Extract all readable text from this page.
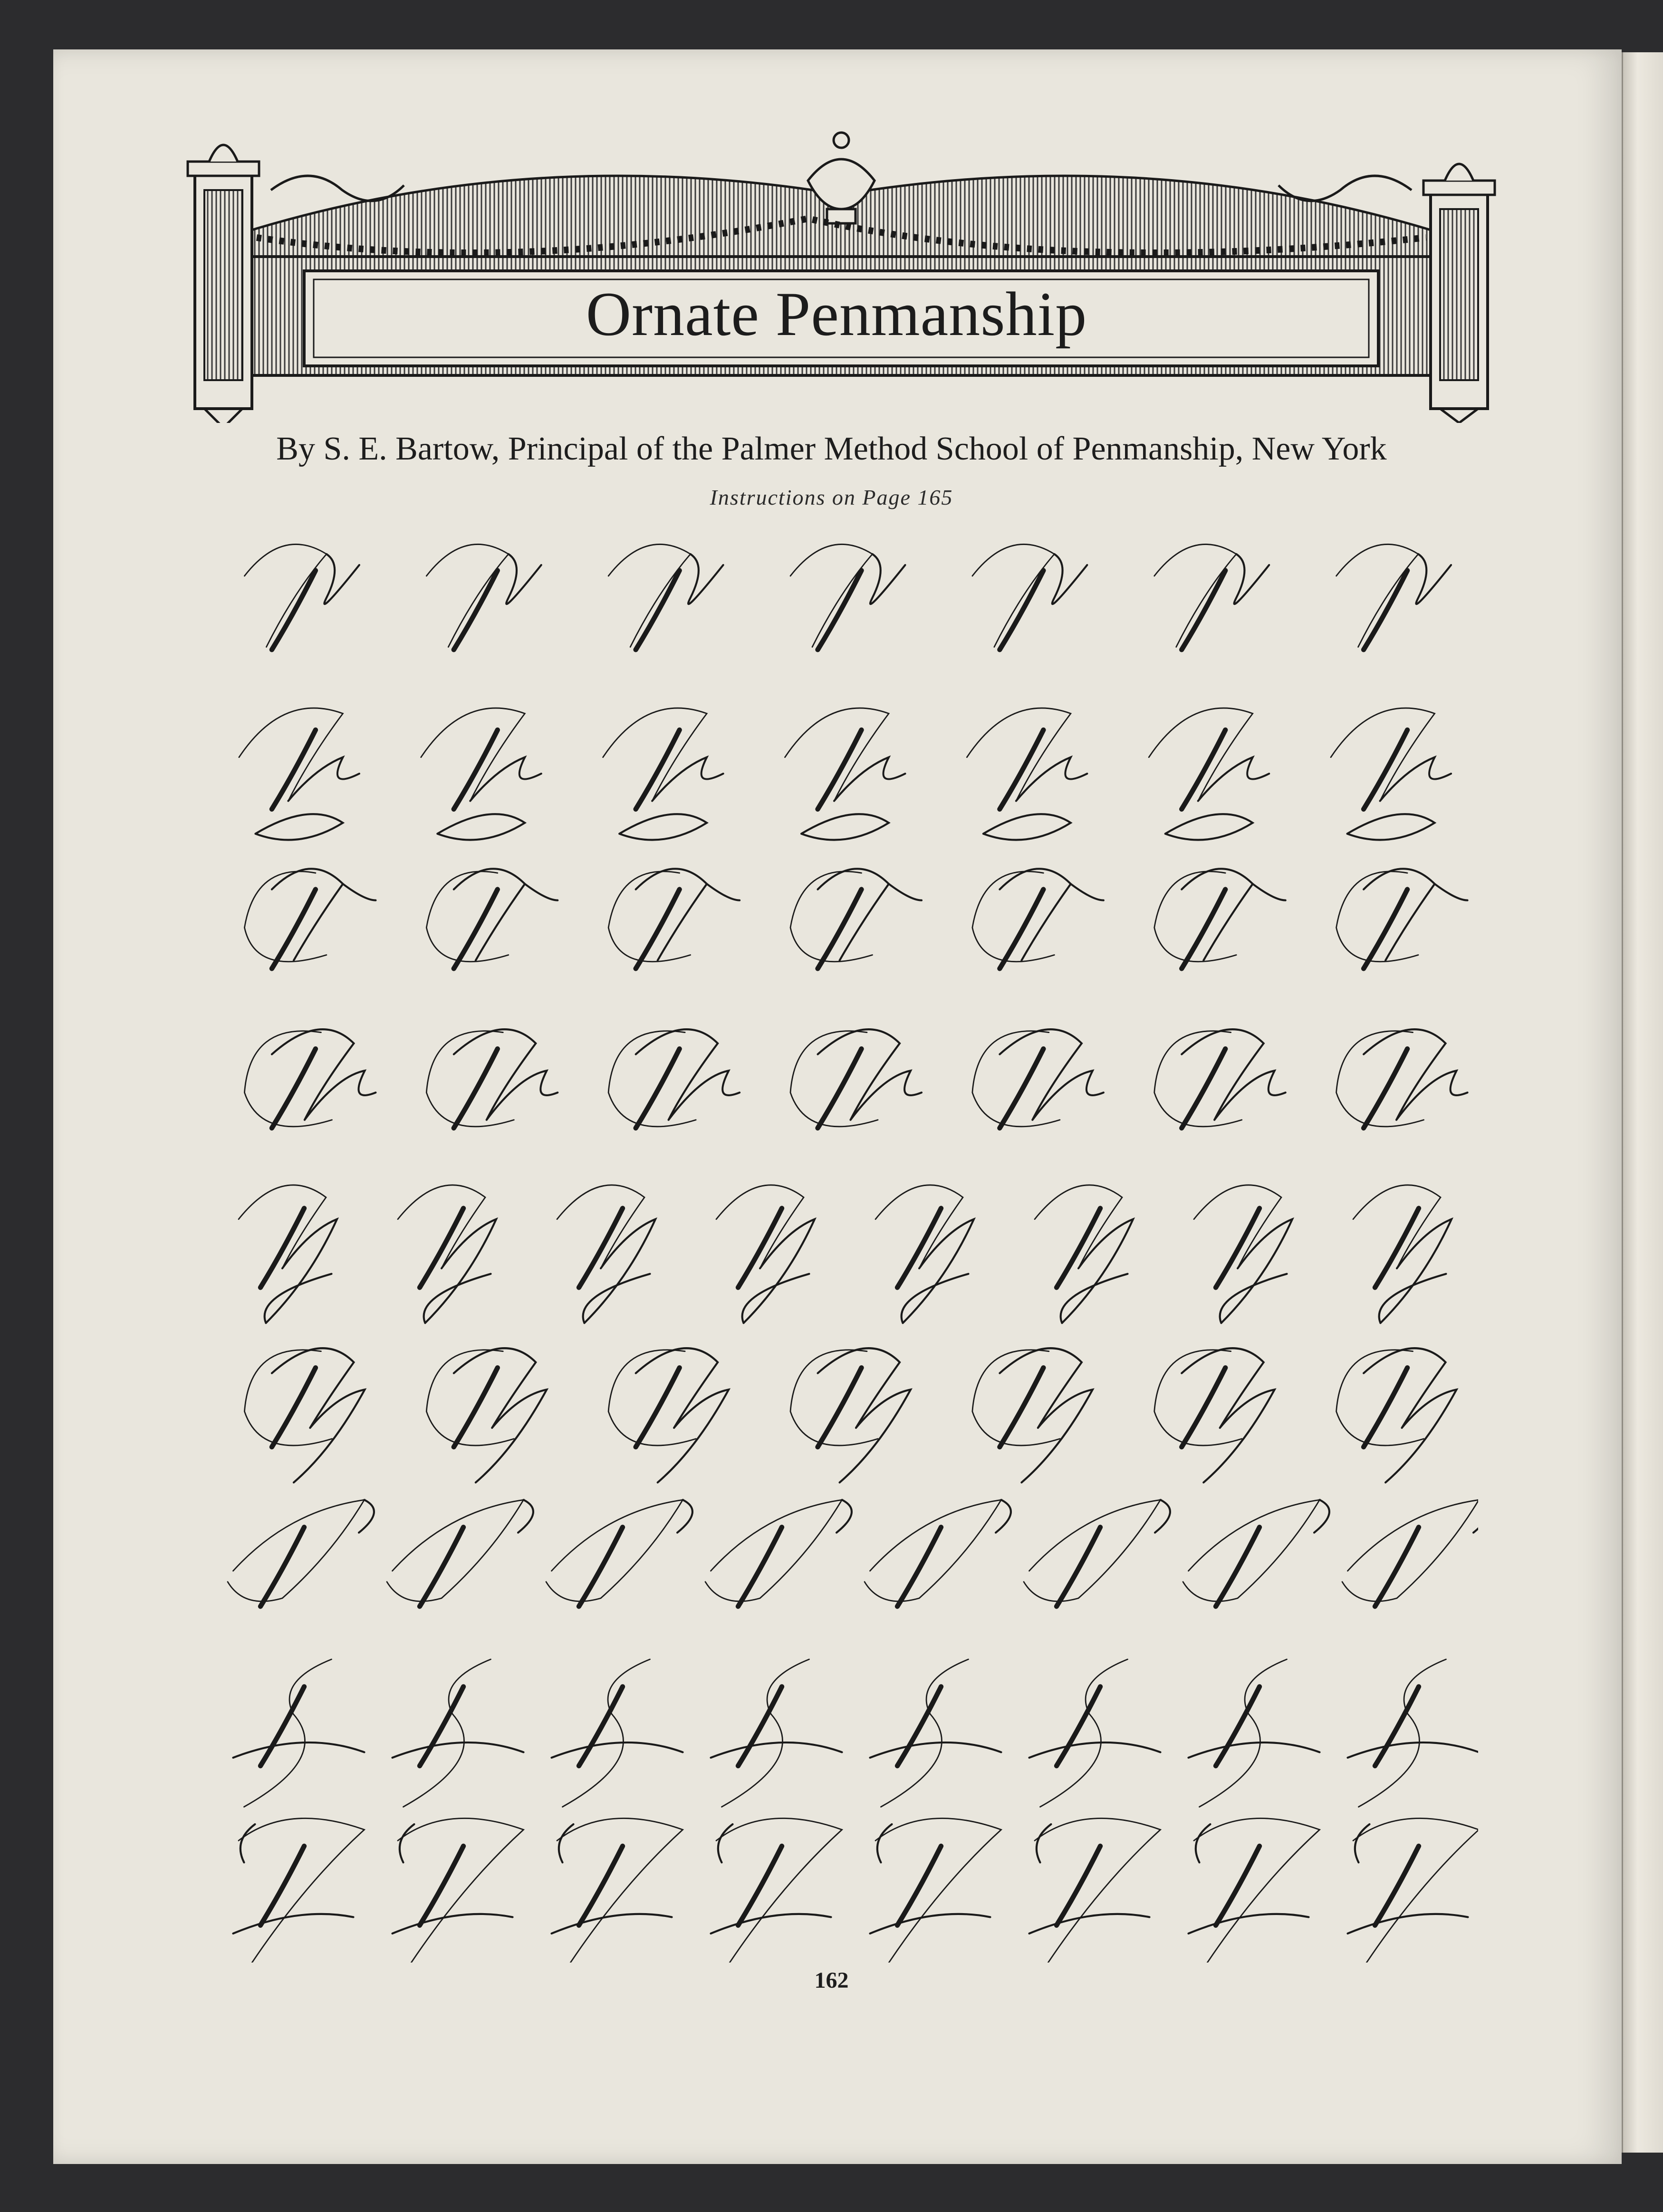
Ornate Penmanship
By S. E. Bartow, Principal of the Palmer Method School of Penmanship, New York
Instructions on Page 165
162
